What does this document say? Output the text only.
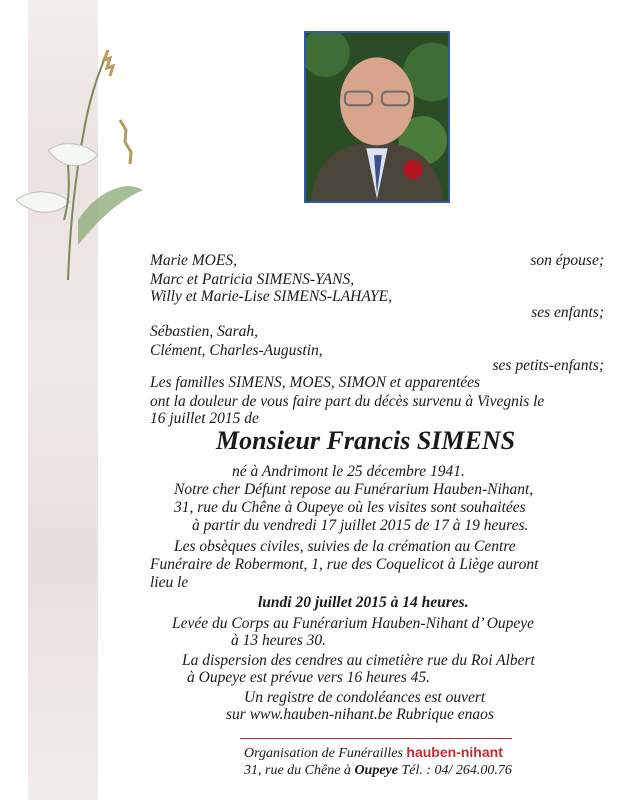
Marie MOES,	son épouse;
Marc et Patricia SIMENS-YANS,
Willy et Marie-Lise SIMENS-LAHAYE,
ses enfants;
Sébastien, Sarah,
Clément, Charles-Augustin,
ses petits-enfants;
Les familles SIMENS, MOES, SIMON et apparentées
ont la douleur de vous faire part du décès survenu à Vivegnis le
16 juillet 2015 de
Monsieur Francis SIMENS
né à Andrimont le 25 décembre 1941.
Notre cher Défunt repose au Funérarium Hauben-Nihant,
31, rue du Chêne à Oupeye où les visites sont souhaitées
à partir du vendredi 17 juillet 2015 de 17 à 19 heures.
Les obsèques civiles, suivies de la crémation au Centre
Funéraire de Robermont, 1, rue des Coquelicot à Liège auront
lieu le
lundi 20 juillet 2015 à 14 heures.
Levée du Corps au Funérarium Hauben-Nihant d’ Oupeye
à 13 heures 30.
La dispersion des cendres au cimetière rue du Roi Albert
à Oupeye est prévue vers 16 heures 45.
Un registre de condoléances est ouvert
sur www.hauben-nihant.be Rubrique enaos
Organisation de Funérailles hauben-nihant
31, rue du Chêne à Oupeye Tél. : 04/ 264.00.76
